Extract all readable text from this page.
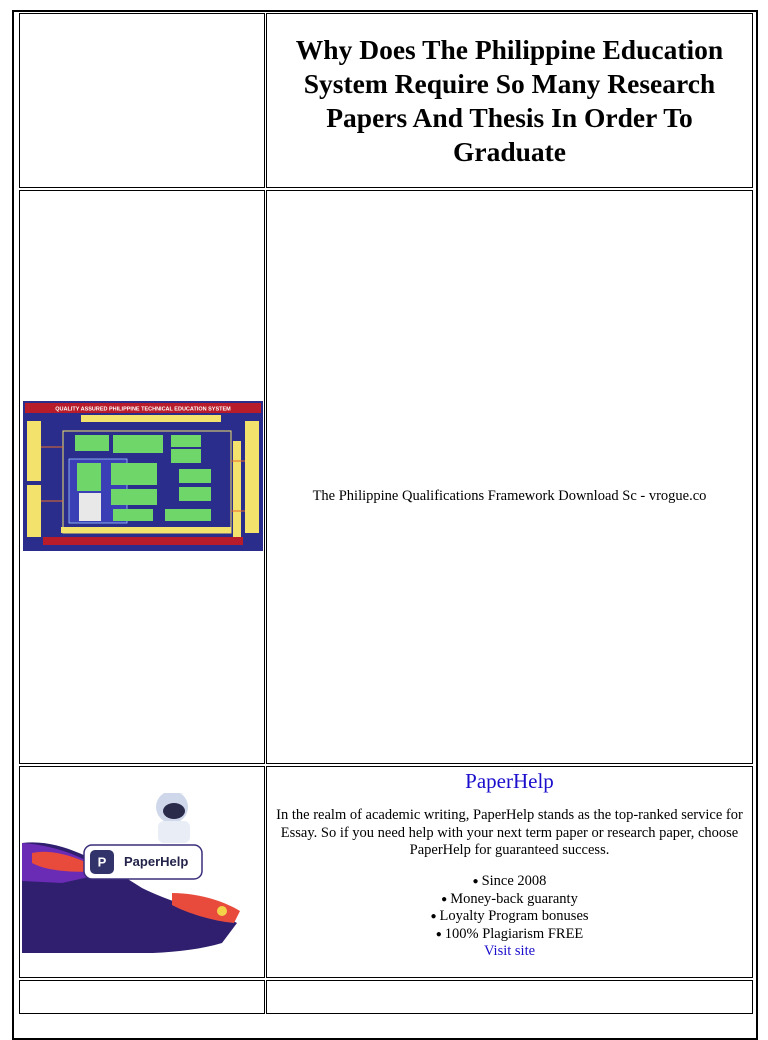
Why Does The Philippine Education System Require So Many Research Papers And Thesis In Order To Graduate
QUALITY ASSURED PHILIPPINE TECHNICAL EDUCATION SYSTEM
The Philippine Qualifications Framework Download Sc - vrogue.co
P PaperHelp
PaperHelp
In the realm of academic writing, PaperHelp stands as the top-ranked service for Essay. So if you need help with your next term paper or research paper, choose PaperHelp for guaranteed success.
● Since 2008
● Money-back guaranty
● Loyalty Program bonuses
● 100% Plagiarism FREE
Visit site
